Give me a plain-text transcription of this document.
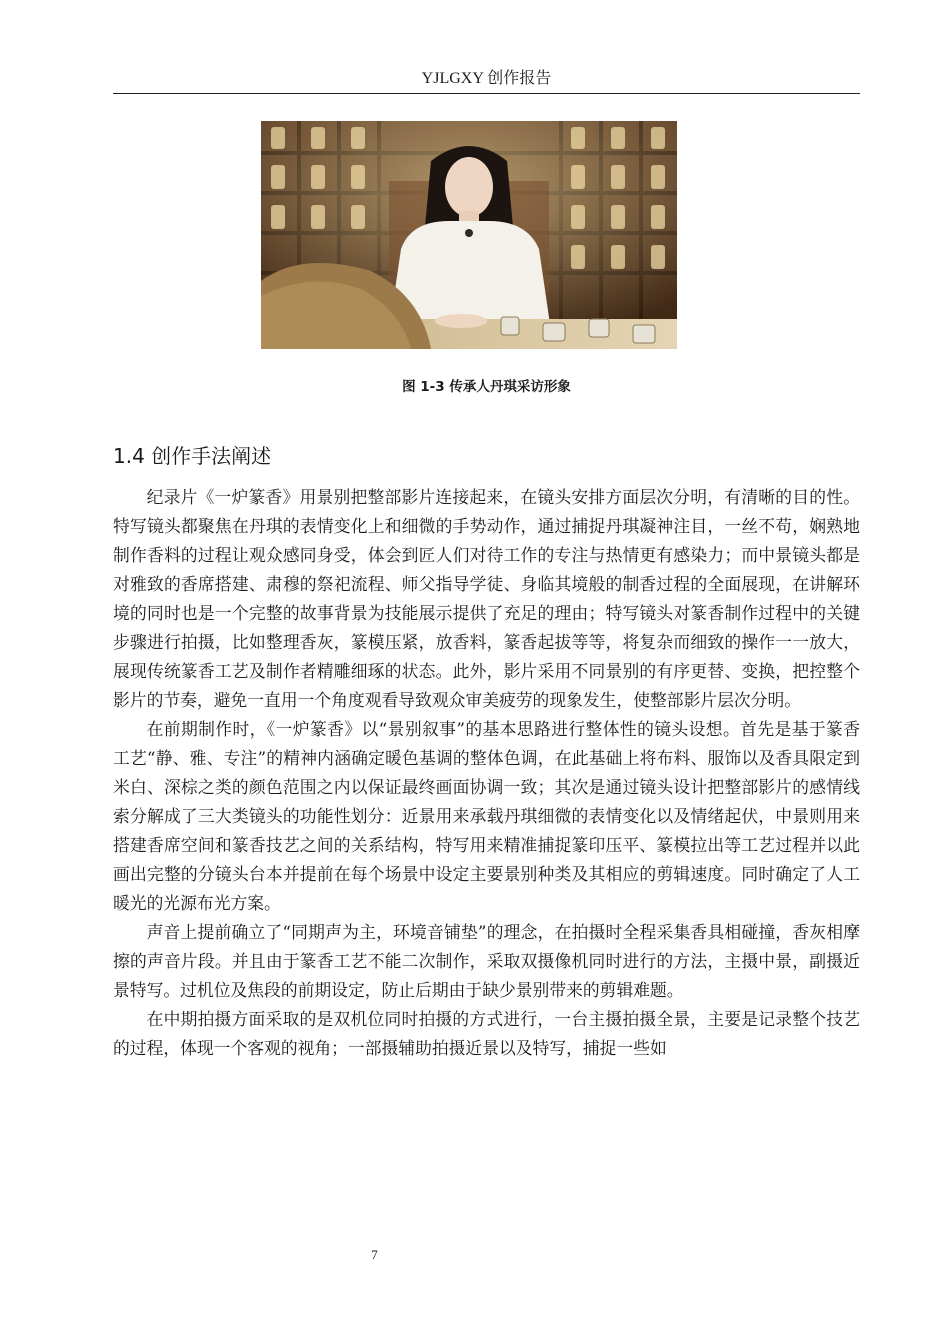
YJLGXY 创作报告
图 1-3 传承人丹琪采访形象
1.4 创作手法阐述

纪录片《一炉篆香》用景别把整部影片连接起来，在镜头安排方面层次分明，有清晰的目的性。特写镜头都聚焦在丹琪的表情变化上和细微的手势动作，通过捕捉丹琪凝神注目，一丝不苟，娴熟地制作香料的过程让观众感同身受，体会到匠人们对待工作的专注与热情更有感染力；而中景镜头都是对雅致的香席搭建、肃穆的祭祀流程、师父指导学徒、身临其境般的制香过程的全面展现，在讲解环境的同时也是一个完整的故事背景为技能展示提供了充足的理由；特写镜头对篆香制作过程中的关键步骤进行拍摄，比如整理香灰，篆模压紧，放香料，篆香起拔等等，将复杂而细致的操作一一放大，展现传统篆香工艺及制作者精雕细琢的状态。此外，影片采用不同景别的有序更替、变换，把控整个影片的节奏，避免一直用一个角度观看导致观众审美疲劳的现象发生，使整部影片层次分明。

在前期制作时，《一炉篆香》以“景别叙事”的基本思路进行整体性的镜头设想。首先是基于篆香工艺“静、雅、专注”的精神内涵确定暖色基调的整体色调，在此基础上将布料、服饰以及香具限定到米白、深棕之类的颜色范围之内以保证最终画面协调一致；其次是通过镜头设计把整部影片的感情线索分解成了三大类镜头的功能性划分：近景用来承载丹琪细微的表情变化以及情绪起伏，中景则用来搭建香席空间和篆香技艺之间的关系结构，特写用来精准捕捉篆印压平、篆模拉出等工艺过程并以此画出完整的分镜头台本并提前在每个场景中设定主要景别种类及其相应的剪辑速度。同时确定了人工暖光的光源布光方案。

声音上提前确立了“同期声为主，环境音铺垫”的理念，在拍摄时全程采集香具相碰撞，香灰相摩擦的声音片段。并且由于篆香工艺不能二次制作，采取双摄像机同时进行的方法，主摄中景，副摄近景特写。过机位及焦段的前期设定，防止后期由于缺少景别带来的剪辑难题。

在中期拍摄方面采取的是双机位同时拍摄的方式进行，一台主摄拍摄全景，主要是记录整个技艺的过程，体现一个客观的视角；一部摄辅助拍摄近景以及特写，捕捉一些如

7
